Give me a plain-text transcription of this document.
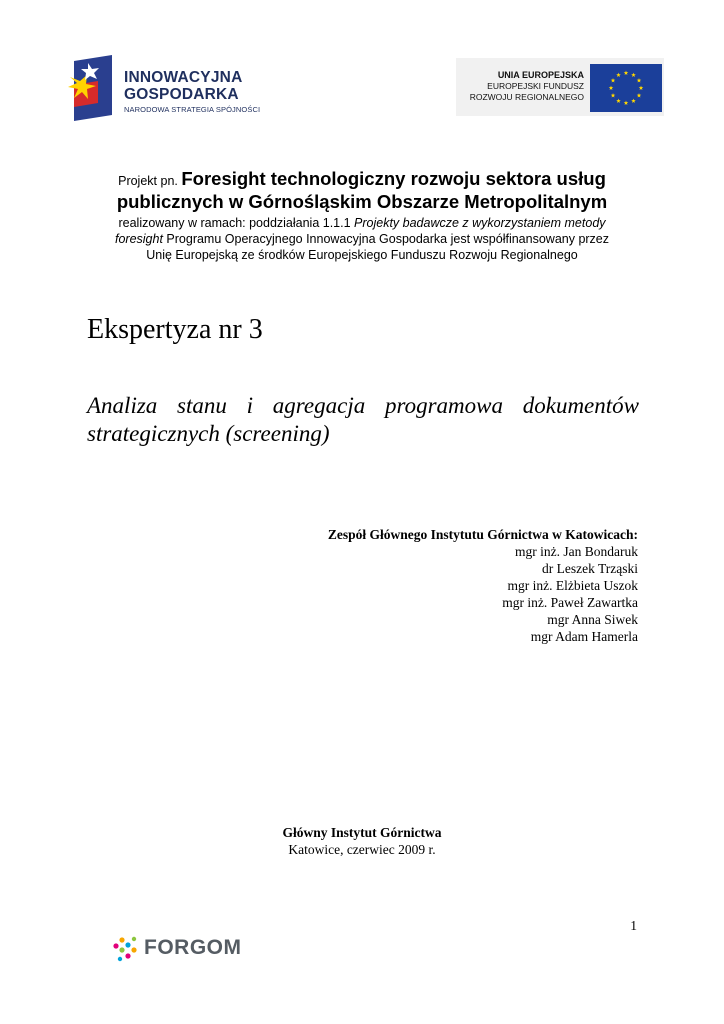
INNOWACYJNA
GOSPODARKA
NARODOWA STRATEGIA SPÓJNOŚCI
UNIA EUROPEJSKA
EUROPEJSKI FUNDUSZ
ROZWOJU REGIONALNEGO
Projekt pn. Foresight technologiczny rozwoju sektora usług
publicznych w Górnośląskim Obszarze Metropolitalnym
realizowany w ramach: poddziałania 1.1.1 Projekty badawcze z wykorzystaniem metody
foresight Programu Operacyjnego Innowacyjna Gospodarka jest współfinansowany przez
Unię Europejską ze środków Europejskiego Funduszu Rozwoju Regionalnego
Ekspertyza nr 3
Analiza stanu i agregacja programowa dokumentów
strategicznych (screening)
Zespół Głównego Instytutu Górnictwa w Katowicach:
mgr inż. Jan Bondaruk
dr Leszek Trząski
mgr inż. Elżbieta Uszok
mgr inż. Paweł Zawartka
mgr Anna Siwek
mgr Adam Hamerla
Główny Instytut Górnictwa
Katowice, czerwiec 2009 r.
1
FORGOM
